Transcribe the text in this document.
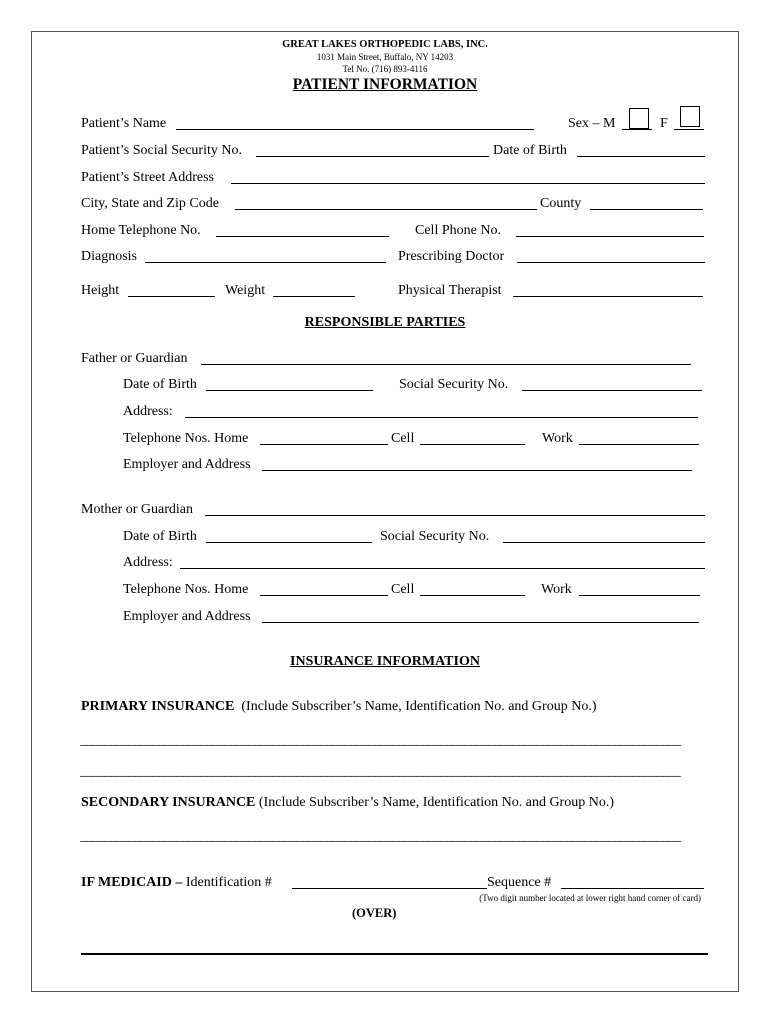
GREAT LAKES ORTHOPEDIC LABS, INC.
1031 Main Street, Buffalo, NY 14203
Tel No. (716) 893-4116
PATIENT INFORMATION
Patient’s Name	Sex – M	F
Patient’s Social Security No.	Date of Birth
Patient’s Street Address
City, State and Zip Code	County
Home Telephone No.	Cell Phone No.
Diagnosis	Prescribing Doctor
Height	Weight	Physical Therapist
RESPONSIBLE PARTIES
Father or Guardian
Date of Birth	Social Security No.
Address:
Telephone Nos. Home	Cell	Work
Employer and Address
Mother or Guardian
Date of Birth	Social Security No.
Address:
Telephone Nos. Home	Cell	Work
Employer and Address
INSURANCE INFORMATION
PRIMARY INSURANCE (Include Subscriber’s Name, Identification No. and Group No.)
____________________________________________________________________________________________________
____________________________________________________________________________________________________
SECONDARY INSURANCE (Include Subscriber’s Name, Identification No. and Group No.)
____________________________________________________________________________________________________
IF MEDICAID – Identification #	Sequence #
(Two digit number located at lower right hand corner of card)
(OVER)
